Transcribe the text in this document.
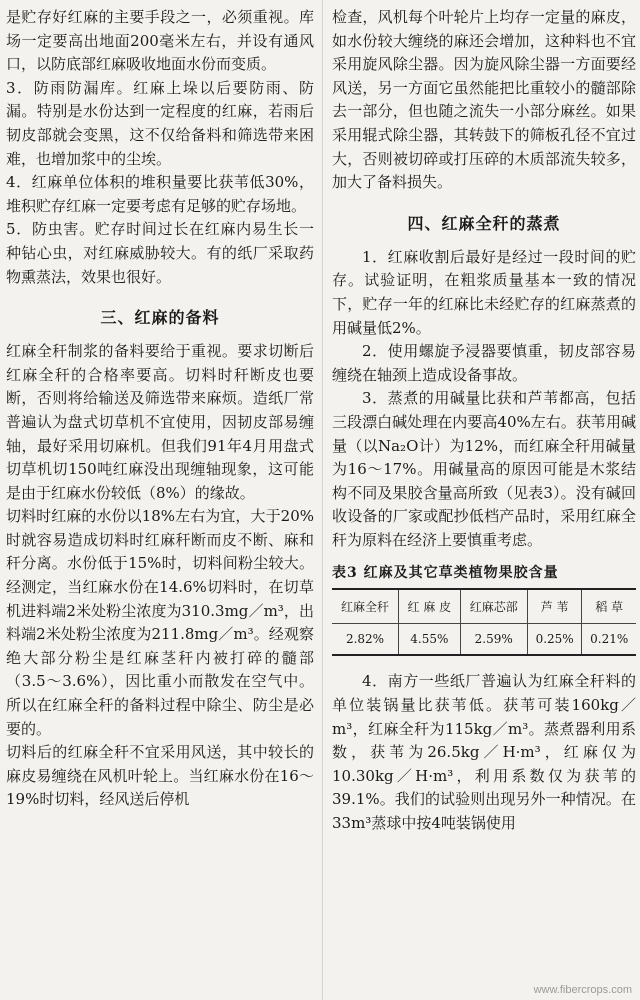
是贮存好红麻的主要手段之一，必须重视。库场一定要高出地面200毫米左右，并设有通风口，以防底部红麻吸收地面水份而变质。

3．防雨防漏库。红麻上垛以后要防雨、防漏。特别是水份达到一定程度的红麻，若雨后韧皮部就会变黑，这不仅给备料和筛选带来困难，也增加浆中的尘埃。

4．红麻单位体积的堆积量要比获苇低30%，堆积贮存红麻一定要考虑有足够的贮存场地。

5．防虫害。贮存时间过长在红麻内易生长一种钻心虫，对红麻威胁较大。有的纸厂采取药物熏蒸法，效果也很好。

三、红麻的备料

红麻全秆制浆的备料要给于重视。要求切断后红麻全秆的合格率要高。切料时秆断皮也要断，否则将给输送及筛选带来麻烦。造纸厂常普遍认为盘式切草机不宜使用，因韧皮部易缠轴，最好采用切麻机。但我们91年4月用盘式切草机切150吨红麻没出现缠轴现象，这可能是由于红麻水份较低（8%）的缘故。

切料时红麻的水份以18%左右为宜，大于20%时就容易造成切料时红麻秆断而皮不断、麻和秆分离。水份低于15%时，切料间粉尘较大。经测定，当红麻水份在14.6%切料时，在切草机进料端2米处粉尘浓度为310.3mg／m³，出料端2米处粉尘浓度为211.8mg／m³。经观察绝大部分粉尘是红麻茎秆内被打碎的髓部（3.5～3.6%），因比重小而散发在空气中。所以在红麻全秆的备料过程中除尘、防尘是必要的。

切料后的红麻全秆不宜采用风送，其中较长的麻皮易缠绕在风机叶轮上。当红麻水份在16～19%时切料，经风送后停机

检查，风机每个叶轮片上均存一定量的麻皮，如水份较大缠绕的麻还会增加，这种料也不宜采用旋风除尘器。因为旋风除尘器一方面要经风送，另一方面它虽然能把比重较小的髓部除去一部分，但也随之流失一小部分麻丝。如果采用辊式除尘器，其转鼓下的筛板孔径不宜过大，否则被切碎或打压碎的木质部流失较多，加大了备料损失。

四、红麻全秆的蒸煮

1．红麻收割后最好是经过一段时间的贮存。试验证明，在粗浆质量基本一致的情况下，贮存一年的红麻比未经贮存的红麻蒸煮的用碱量低2%。

2．使用螺旋予浸器要慎重，韧皮部容易缠绕在轴颈上造成设备事故。

3．蒸煮的用碱量比获和芦苇都高，包括三段漂白碱处理在内要高40%左右。获苇用碱量（以Na₂O计）为12%，而红麻全秆用碱量为16～17%。用碱量高的原因可能是木浆结构不同及果胶含量高所致（见表3）。没有碱回收设备的厂家或配抄低档产品时，采用红麻全秆为原料在经济上要慎重考虑。

表3 红麻及其它草类植物果胶含量
红麻全秆	红 麻 皮	红麻芯部	芦 苇	稻 草
2.82%	4.55%	2.59%	0.25%	0.21%

4．南方一些纸厂普遍认为红麻全秆料的单位装锅量比获苇低。获苇可装160kg／m³，红麻全秆为115kg／m³。蒸煮器利用系数，获苇为26.5kg／H·m³，红麻仅为10.30kg／H·m³，利用系数仅为获苇的39.1%。我们的试验则出现另外一种情况。在33m³蒸球中按4吨装锅使用

www.fibercrops.com
